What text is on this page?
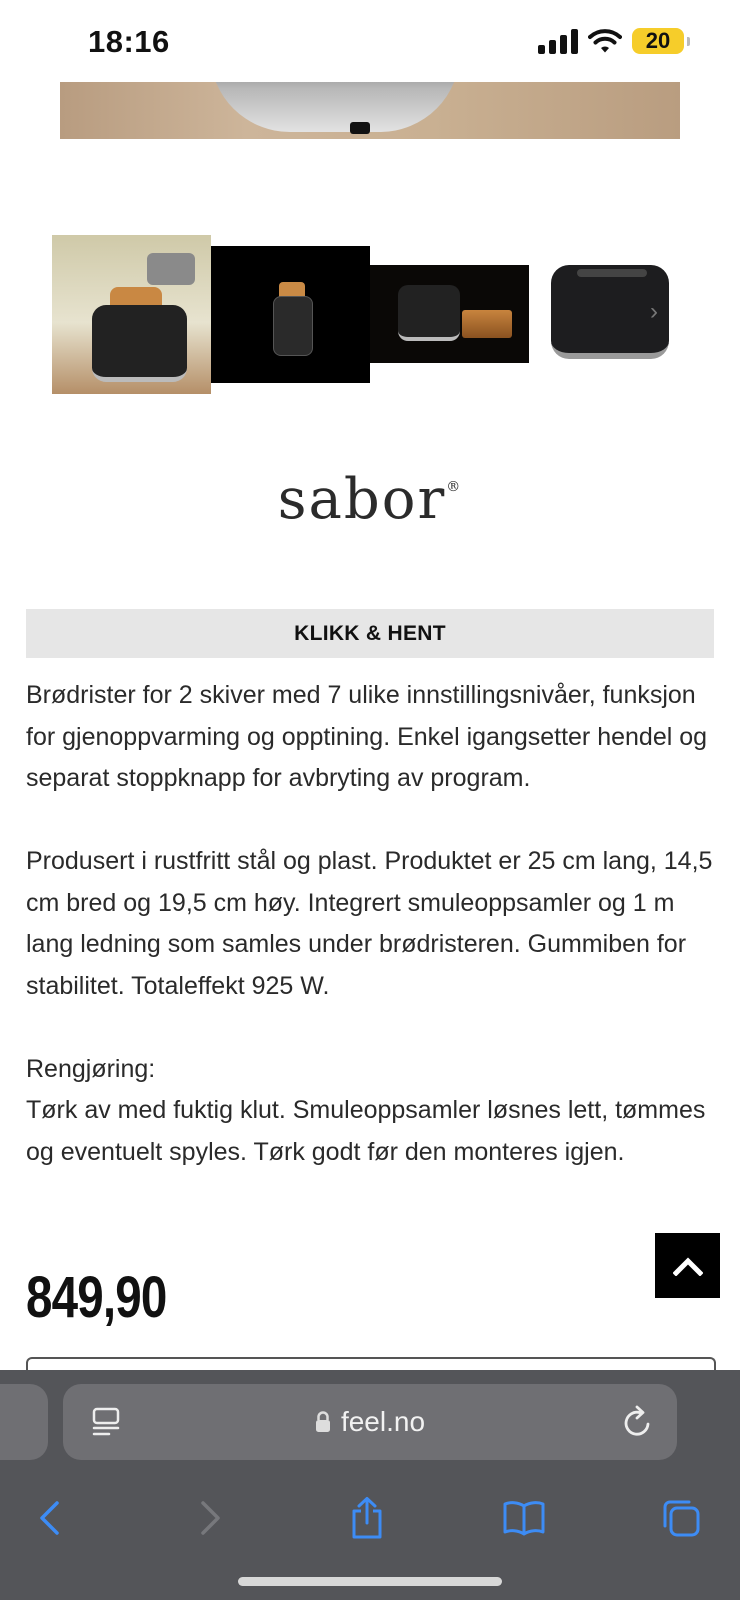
18:16	20
›
sabor®
KLIKK & HENT

Brødrister for 2 skiver med 7 ulike innstillingsnivåer, funksjon for gjenoppvarming og opptining. Enkel igangsetter hendel og separat stoppknapp for avbryting av program.

Produsert i rustfritt stål og plast. Produktet er 25 cm lang, 14,5 cm bred og 19,5 cm høy. Integrert smuleoppsamler og 1 m lang ledning som samles under brødristeren. Gummiben for stabilitet. Totaleffekt 925 W.

Rengjøring:

Tørk av med fuktig klut. Smuleoppsamler løsnes lett, tømmes og eventuelt spyles. Tørk godt før den monteres igjen.

849,90
feel.no
